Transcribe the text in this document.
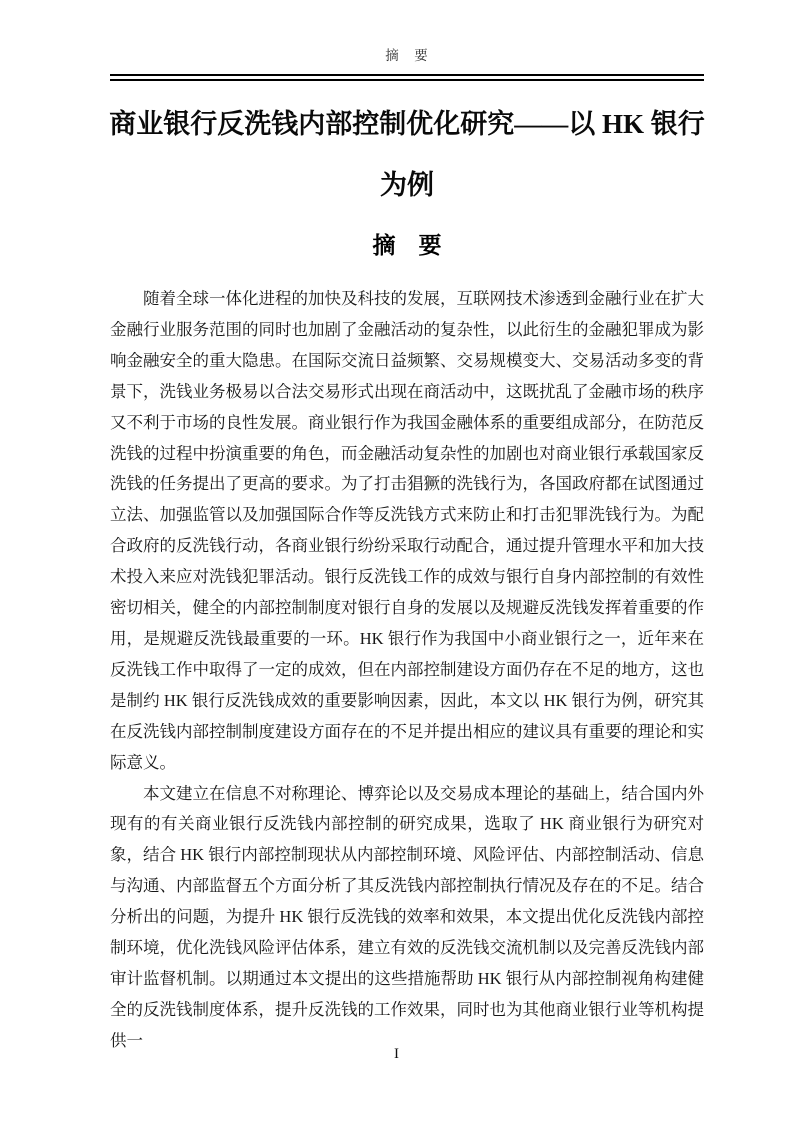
摘　要
商业银行反洗钱内部控制优化研究——以 HK 银行为例
摘　要

随着全球一体化进程的加快及科技的发展，互联网技术渗透到金融行业在扩大金融行业服务范围的同时也加剧了金融活动的复杂性，以此衍生的金融犯罪成为影响金融安全的重大隐患。在国际交流日益频繁、交易规模变大、交易活动多变的背景下，洗钱业务极易以合法交易形式出现在商活动中，这既扰乱了金融市场的秩序又不利于市场的良性发展。商业银行作为我国金融体系的重要组成部分，在防范反洗钱的过程中扮演重要的角色，而金融活动复杂性的加剧也对商业银行承载国家反洗钱的任务提出了更高的要求。为了打击猖獗的洗钱行为，各国政府都在试图通过立法、加强监管以及加强国际合作等反洗钱方式来防止和打击犯罪洗钱行为。为配合政府的反洗钱行动，各商业银行纷纷采取行动配合，通过提升管理水平和加大技术投入来应对洗钱犯罪活动。银行反洗钱工作的成效与银行自身内部控制的有效性密切相关，健全的内部控制制度对银行自身的发展以及规避反洗钱发挥着重要的作用，是规避反洗钱最重要的一环。HK 银行作为我国中小商业银行之一，近年来在反洗钱工作中取得了一定的成效，但在内部控制建设方面仍存在不足的地方，这也是制约 HK 银行反洗钱成效的重要影响因素，因此，本文以 HK 银行为例，研究其在反洗钱内部控制制度建设方面存在的不足并提出相应的建议具有重要的理论和实际意义。

本文建立在信息不对称理论、博弈论以及交易成本理论的基础上，结合国内外现有的有关商业银行反洗钱内部控制的研究成果，选取了 HK 商业银行为研究对象，结合 HK 银行内部控制现状从内部控制环境、风险评估、内部控制活动、信息与沟通、内部监督五个方面分析了其反洗钱内部控制执行情况及存在的不足。结合分析出的问题，为提升 HK 银行反洗钱的效率和效果，本文提出优化反洗钱内部控制环境，优化洗钱风险评估体系，建立有效的反洗钱交流机制以及完善反洗钱内部审计监督机制。以期通过本文提出的这些措施帮助 HK 银行从内部控制视角构建健全的反洗钱制度体系，提升反洗钱的工作效果，同时也为其他商业银行业等机构提供一

I
